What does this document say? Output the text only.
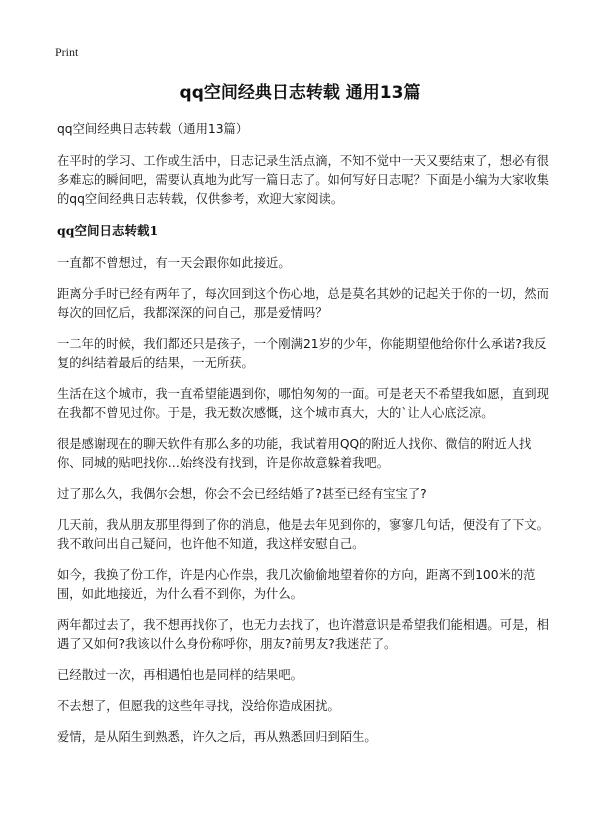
Print
qq空间经典日志转载 通用13篇

qq空间经典日志转载（通用13篇）

在平时的学习、工作或生活中，日志记录生活点滴，不知不觉中一天又要结束了，想必有很多难忘的瞬间吧，需要认真地为此写一篇日志了。如何写好日志呢？下面是小编为大家收集的qq空间经典日志转载，仅供参考，欢迎大家阅读。

qq空间日志转载1

一直都不曾想过，有一天会跟你如此接近。

距离分手时已经有两年了，每次回到这个伤心地，总是莫名其妙的记起关于你的一切，然而每次的回忆后，我都深深的问自己，那是爱情吗？

一二年的时候，我们都还只是孩子，一个刚满21岁的少年，你能期望他给你什么承诺?我反复的纠结着最后的结果，一无所获。

生活在这个城市，我一直希望能遇到你，哪怕匆匆的一面。可是老天不希望我如愿，直到现在我都不曾见过你。于是，我无数次感慨，这个城市真大，大的`让人心底泛凉。

很是感谢现在的聊天软件有那么多的功能，我试着用QQ的附近人找你、微信的附近人找你、同城的贴吧找你…始终没有找到，许是你故意躲着我吧。

过了那么久，我偶尔会想，你会不会已经结婚了?甚至已经有宝宝了?

几天前，我从朋友那里得到了你的消息，他是去年见到你的，寥寥几句话，便没有了下文。我不敢问出自己疑问，也许他不知道，我这样安慰自己。

如今，我换了份工作，许是内心作祟，我几次偷偷地望着你的方向，距离不到100米的范围，如此地接近，为什么看不到你，为什么。

两年都过去了，我不想再找你了，也无力去找了，也许潜意识是希望我们能相遇。可是，相遇了又如何?我该以什么身份称呼你，朋友?前男友?我迷茫了。

已经散过一次，再相遇怕也是同样的结果吧。

不去想了，但愿我的这些年寻找，没给你造成困扰。

爱情，是从陌生到熟悉，许久之后，再从熟悉回归到陌生。
